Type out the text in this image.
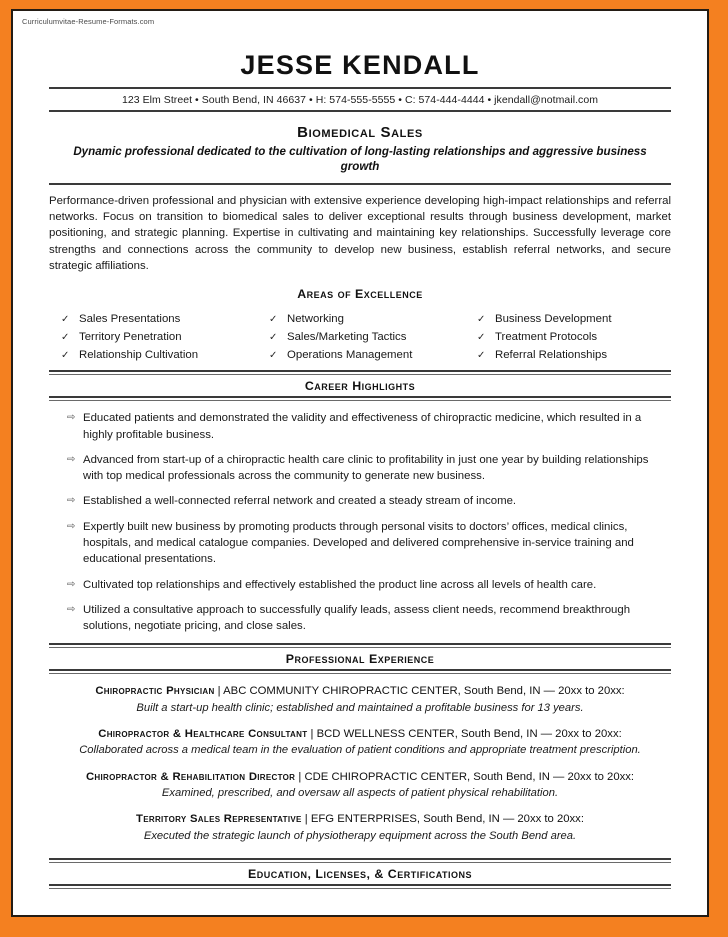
Curriculumvitae-Resume-Formats.com
JESSE KENDALL
123 Elm Street • South Bend, IN 46637 • H: 574-555-5555 • C: 574-444-4444 • jkendall@notmail.com
Biomedical Sales
Dynamic professional dedicated to the cultivation of long-lasting relationships and aggressive business growth
Performance-driven professional and physician with extensive experience developing high-impact relationships and referral networks. Focus on transition to biomedical sales to deliver exceptional results through business development, market positioning, and strategic planning. Expertise in cultivating and maintaining key relationships. Successfully leverage core strengths and connections across the community to develop new business, establish referral networks, and secure strategic affiliations.
Areas of Excellence
✓ Sales Presentations
✓ Territory Penetration
✓ Relationship Cultivation
✓ Networking
✓ Sales/Marketing Tactics
✓ Operations Management
✓ Business Development
✓ Treatment Protocols
✓ Referral Relationships
Career Highlights
⇨ Educated patients and demonstrated the validity and effectiveness of chiropractic medicine, which resulted in a highly profitable business.
⇨ Advanced from start-up of a chiropractic health care clinic to profitability in just one year by building relationships with top medical professionals across the community to generate new business.
⇨ Established a well-connected referral network and created a steady stream of income.
⇨ Expertly built new business by promoting products through personal visits to doctors’ offices, medical clinics, hospitals, and medical catalogue companies. Developed and delivered comprehensive in-service training and educational presentations.
⇨ Cultivated top relationships and effectively established the product line across all levels of health care.
⇨ Utilized a consultative approach to successfully qualify leads, assess client needs, recommend breakthrough solutions, negotiate pricing, and close sales.
Professional Experience
Chiropractic Physician | ABC COMMUNITY CHIROPRACTIC CENTER, South Bend, IN — 20xx to 20xx:
Built a start-up health clinic; established and maintained a profitable business for 13 years.
Chiropractor & Healthcare Consultant | BCD WELLNESS CENTER, South Bend, IN — 20xx to 20xx:
Collaborated across a medical team in the evaluation of patient conditions and appropriate treatment prescription.
Chiropractor & Rehabilitation Director | CDE CHIROPRACTIC CENTER, South Bend, IN — 20xx to 20xx:
Examined, prescribed, and oversaw all aspects of patient physical rehabilitation.
Territory Sales Representative | EFG ENTERPRISES, South Bend, IN — 20xx to 20xx:
Executed the strategic launch of physiotherapy equipment across the South Bend area.
Education, Licenses, & Certifications
